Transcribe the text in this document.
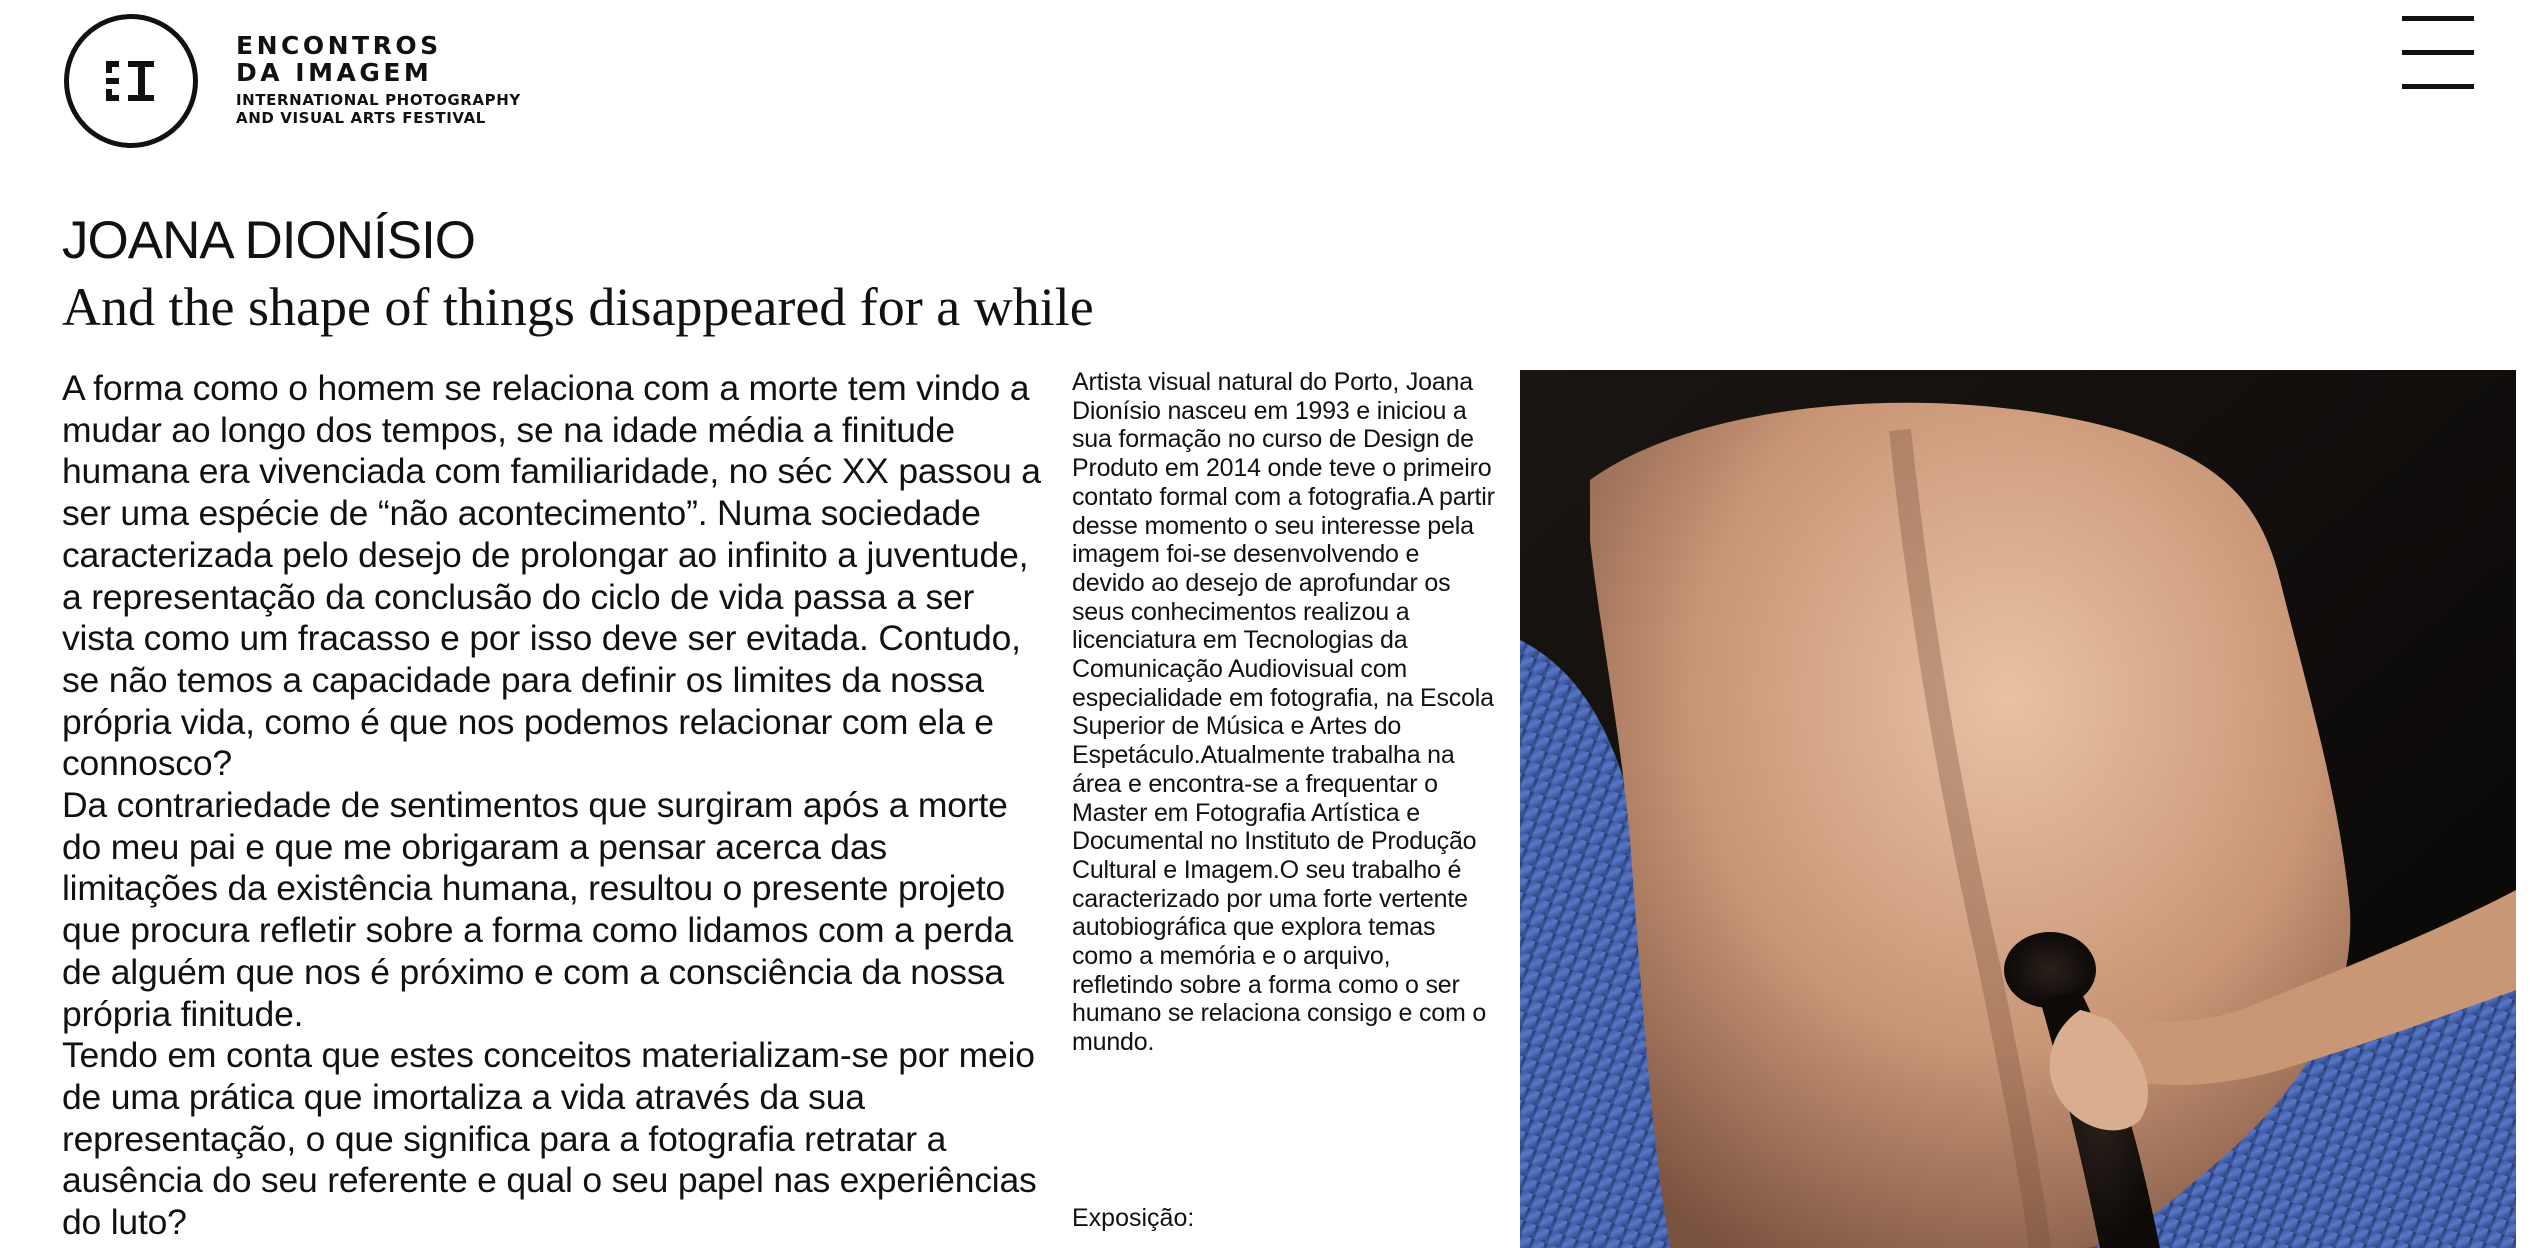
ENCONTROS
DA IMAGEM
INTERNATIONAL PHOTOGRAPHY
AND VISUAL ARTS FESTIVAL
JOANA DIONÍSIO
And the shape of things disappeared for a while

A forma como o homem se relaciona com a morte tem vindo a mudar ao longo dos tempos, se na idade média a finitude humana era vivenciada com familiaridade, no séc XX passou a ser uma espécie de “não acontecimento”. Numa sociedade caracterizada pelo desejo de prolongar ao infinito a juventude, a representação da conclusão do ciclo de vida passa a ser vista como um fracasso e por isso deve ser evitada. Contudo, se não temos a capacidade para definir os limites da nossa própria vida, como é que nos podemos relacionar com ela e connosco?

Da contrariedade de sentimentos que surgiram após a morte do meu pai e que me obrigaram a pensar acerca das limitações da existência humana, resultou o presente projeto que procura refletir sobre a forma como lidamos com a perda de alguém que nos é próximo e com a consciência da nossa própria finitude.

Tendo em conta que estes conceitos materializam-se por meio de uma prática que imortaliza a vida através da sua representação, o que significa para a fotografia retratar a ausência do seu referente e qual o seu papel nas experiências do luto?

Artista visual natural do Porto, Joana Dionísio nasceu em 1993 e iniciou a sua formação no curso de Design de Produto em 2014 onde teve o primeiro contato formal com a fotografia.A partir desse momento o seu interesse pela imagem foi-se desenvolvendo e devido ao desejo de aprofundar os seus conhecimentos realizou a licenciatura em Tecnologias da Comunicação Audiovisual com especialidade em fotografia, na Escola Superior de Música e Artes do Espetáculo.Atualmente trabalha na área e encontra-se a frequentar o Master em Fotografia Artística e Documental no Instituto de Produção Cultural e Imagem.O seu trabalho é caracterizado por uma forte vertente autobiográfica que explora temas como a memória e o arquivo, refletindo sobre a forma como o ser humano se relaciona consigo e com o mundo.
Exposição:
